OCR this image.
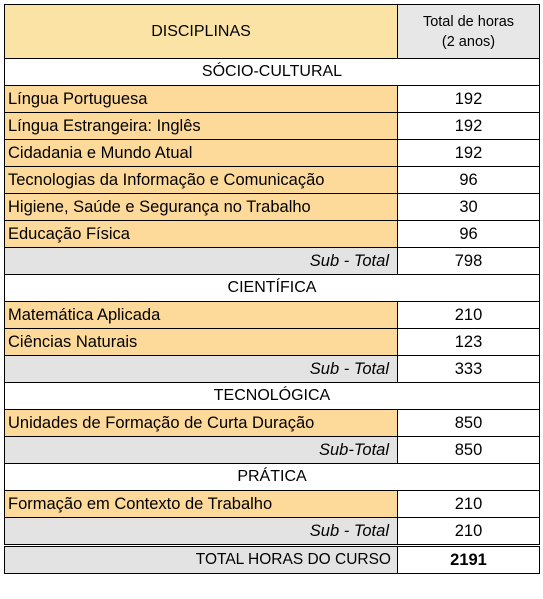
DISCIPLINAS	Total de horas
(2 anos)
SÓCIO-CULTURAL	
Língua Portuguesa	192
Língua Estrangeira: Inglês	192
Cidadania e Mundo Atual	192
Tecnologias da Informação e Comunicação	96
Higiene, Saúde e Segurança no Trabalho	30
Educação Física	96
Sub - Total	798
CIENTÍFICA	
Matemática Aplicada	210
Ciências Naturais	123
Sub - Total	333
TECNOLÓGICA	
Unidades de Formação de Curta Duração	850
Sub-Total	850
PRÁTICA	
Formação em Contexto de Trabalho	210
Sub - Total	210
TOTAL HORAS DO CURSO	2191
